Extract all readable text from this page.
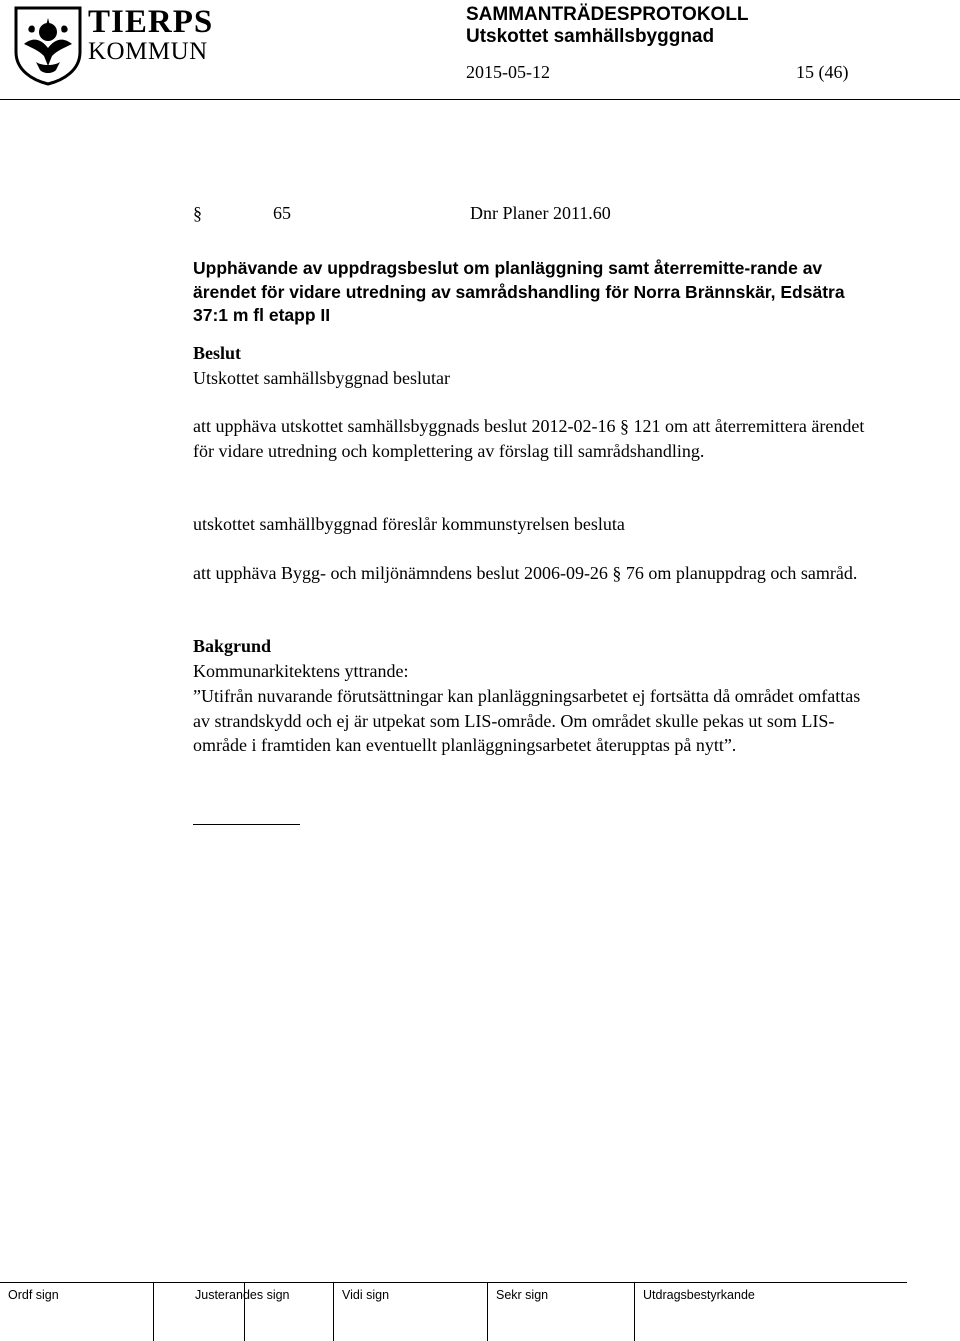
TIERPS
KOMMUN
SAMMANTRÄDESPROTOKOLL
Utskottet samhällsbyggnad
2015-05-12	15 (46)
§	65	Dnr Planer 2011.60

Upphävande av uppdragsbeslut om planläggning samt återremitte-rande av ärendet för vidare utredning av samrådshandling för Norra Brännskär, Edsätra 37:1 m fl etapp II

Beslut

Utskottet samhällsbyggnad beslutar

att upphäva utskottet samhällsbyggnads beslut 2012-02-16 § 121 om att återremittera ärendet för vidare utredning och komplettering av förslag till samrådshandling.

utskottet samhällbyggnad föreslår kommunstyrelsen besluta

att upphäva Bygg- och miljönämndens beslut 2006-09-26 § 76 om planuppdrag och samråd.

Bakgrund

Kommunarkitektens yttrande:

”Utifrån nuvarande förutsättningar kan planläggningsarbetet ej fortsätta då området omfattas av strandskydd och ej är utpekat som LIS-område. Om området skulle pekas ut som LIS-område i framtiden kan eventuellt planläggningsarbetet återupptas på nytt”.

Ordf sign	Justerandes sign	Vidi sign	Sekr sign	Utdragsbestyrkande
